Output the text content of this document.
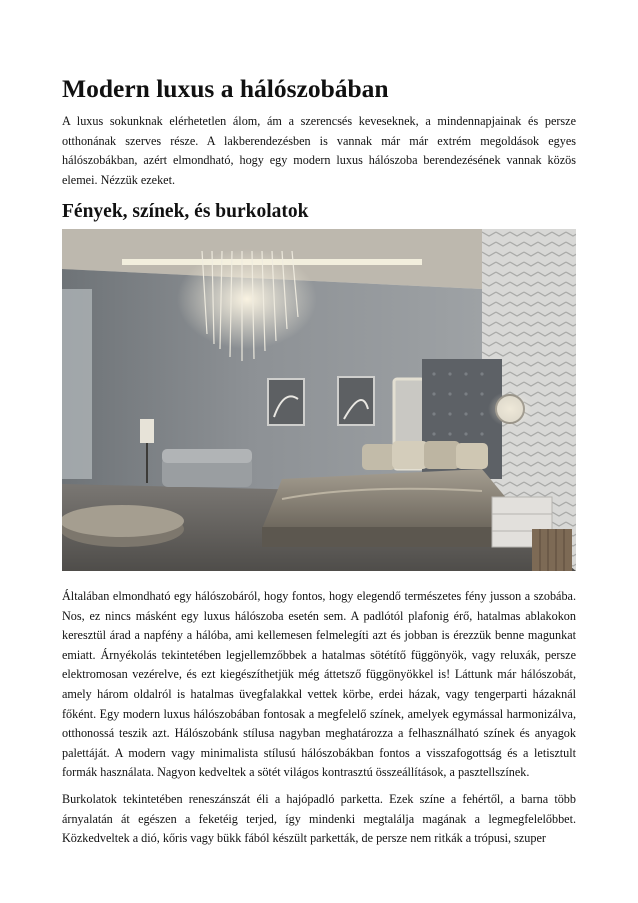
Modern luxus a hálószobában

A luxus sokunknak elérhetetlen álom, ám a szerencsés keveseknek, a mindennapjainak és persze otthonának szerves része. A lakberendezésben is vannak már már extrém megoldások egyes hálószobákban, azért elmondható, hogy egy modern luxus hálószoba berendezésének vannak közös elemei. Nézzük ezeket.

Fények, színek, és burkolatok

Általában elmondható egy hálószobáról, hogy fontos, hogy elegendő természetes fény jusson a szobába. Nos, ez nincs másként egy luxus hálószoba esetén sem. A padlótól plafonig érő, hatalmas ablakokon keresztül árad a napfény a hálóba, ami kellemesen felmelegíti azt és jobban is érezzük benne magunkat emiatt. Árnyékolás tekintetében legjellemzőbbek a hatalmas sötétítő függönyök, vagy reluxák, persze elektromosan vezérelve, és ezt kiegészíthetjük még áttetsző függönyökkel is! Láttunk már hálószobát, amely három oldalról is hatalmas üvegfalakkal vettek körbe, erdei házak, vagy tengerparti házaknál főként. Egy modern luxus hálószobában fontosak a megfelelő színek, amelyek egymással harmonizálva, otthonossá teszik azt. Hálószobánk stílusa nagyban meghatározza a felhasználható színek és anyagok palettáját. A modern vagy minimalista stílusú hálószobákban fontos a visszafogottság és a letisztult formák használata. Nagyon kedveltek a sötét világos kontrasztú összeállítások, a pasztellszínek.

Burkolatok tekintetében reneszánszát éli a hajópadló parketta. Ezek színe a fehértől, a barna több árnyalatán át egészen a feketéig terjed, így mindenki megtalálja magának a legmegfelelőbbet. Közkedveltek a dió, kőris vagy bükk fából készült parketták, de persze nem ritkák a trópusi, szuper
